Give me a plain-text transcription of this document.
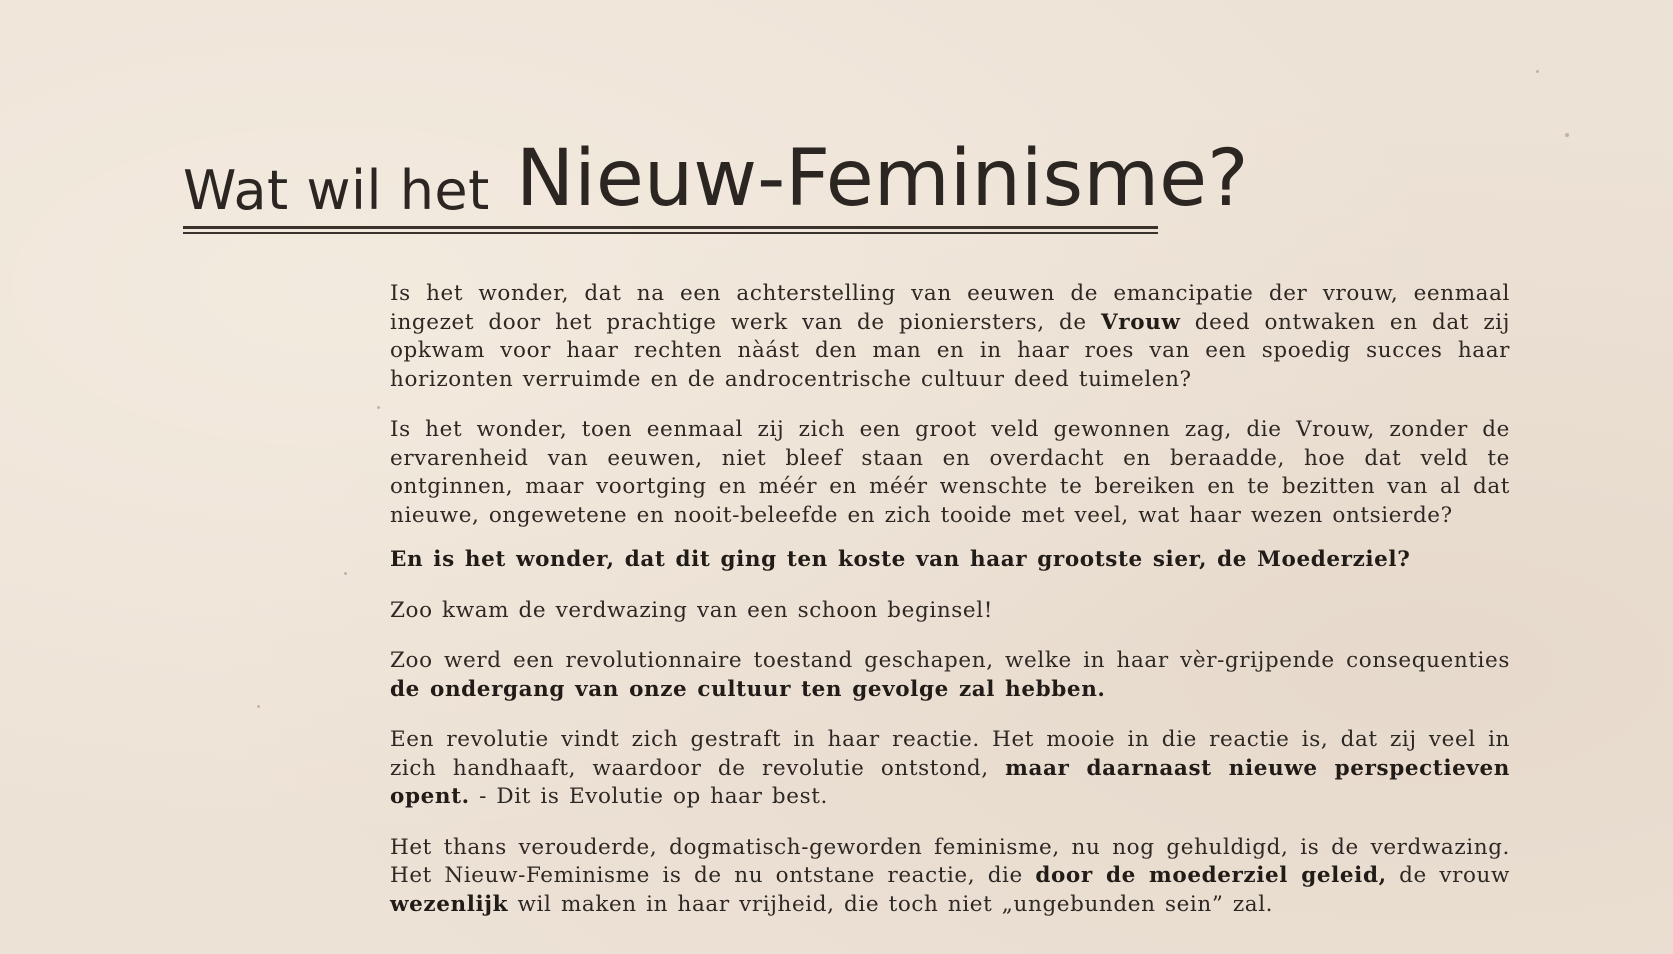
Wat wil het Nieuw-Feminisme?

Is het wonder, dat na een achterstelling van eeuwen de emancipatie der vrouw, eenmaal ingezet door het prachtige werk van de pioniersters, de Vrouw deed ontwaken en dat zij opkwam voor haar rechten nàást den man en in haar roes van een spoedig succes haar horizonten verruimde en de androcentrische cultuur deed tuimelen?

Is het wonder, toen eenmaal zij zich een groot veld gewonnen zag, die Vrouw, zonder de ervarenheid van eeuwen, niet bleef staan en overdacht en beraadde, hoe dat veld te ontginnen, maar voortging en méér en méér wenschte te bereiken en te bezitten van al dat nieuwe, ongewetene en nooit-beleefde en zich tooide met veel, wat haar wezen ontsierde?

En is het wonder, dat dit ging ten koste van haar grootste sier, de Moederziel?

Zoo kwam de verdwazing van een schoon beginsel!

Zoo werd een revolutionnaire toestand geschapen, welke in haar vèr-grijpende consequenties de ondergang van onze cultuur ten gevolge zal hebben.

Een revolutie vindt zich gestraft in haar reactie. Het mooie in die reactie is, dat zij veel in zich handhaaft, waardoor de revolutie ontstond, maar daarnaast nieuwe perspectieven opent. - Dit is Evolutie op haar best.

Het thans verouderde, dogmatisch-geworden feminisme, nu nog gehuldigd, is de verdwazing. Het Nieuw-Feminisme is de nu ontstane reactie, die door de moederziel geleid, de vrouw wezenlijk wil maken in haar vrijheid, die toch niet „ungebunden sein” zal.
